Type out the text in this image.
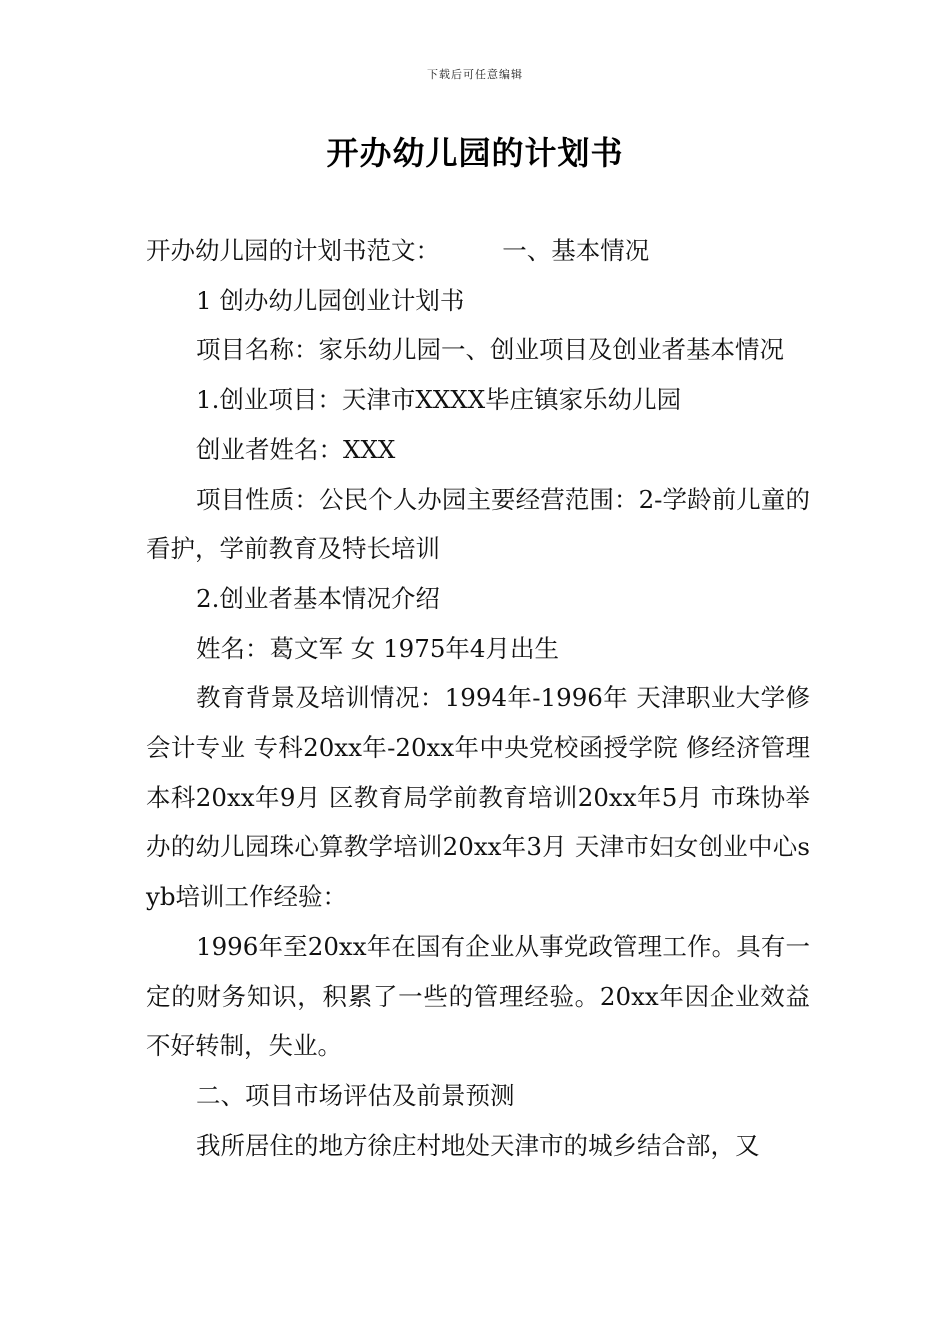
下载后可任意编辑
开办幼儿园的计划书

开办幼儿园的计划书范文：        一、基本情况

1 创办幼儿园创业计划书

项目名称：家乐幼儿园一、创业项目及创业者基本情况

1.创业项目：天津市XXXX毕庄镇家乐幼儿园

创业者姓名：XXX

项目性质：公民个人办园主要经营范围：2-学龄前儿童的看护，学前教育及特长培训

2.创业者基本情况介绍

姓名：葛文军 女 1975年4月出生

教育背景及培训情况：1994年-1996年 天津职业大学修会计专业 专科20xx年-20xx年中央党校函授学院 修经济管理本科20xx年9月 区教育局学前教育培训20xx年5月 市珠协举办的幼儿园珠心算教学培训20xx年3月 天津市妇女创业中心syb培训工作经验：

1996年至20xx年在国有企业从事党政管理工作。具有一定的财务知识，积累了一些的管理经验。20xx年因企业效益不好转制，失业。

二、项目市场评估及前景预测

我所居住的地方徐庄村地处天津市的城乡结合部，又
